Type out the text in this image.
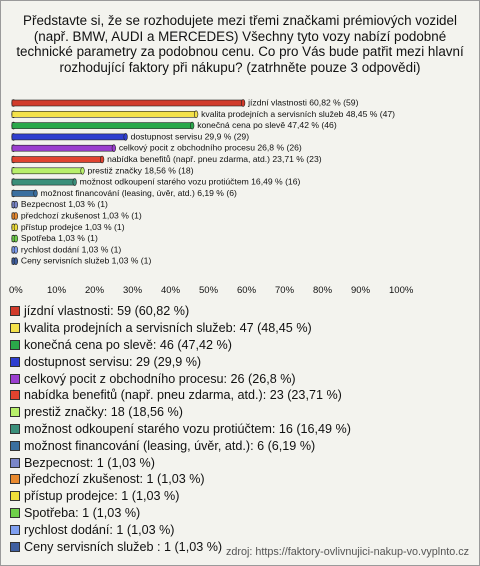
Představte si, že se rozhodujete mezi třemi značkami prémiových vozidel (např. BMW, AUDI a MERCEDES) Všechny tyto vozy nabízí podobné technické parametry za podobnou cenu. Co pro Vás bude patřit mezi hlavní rozhodující faktory při nákupu? (zatrhněte pouze 3 odpovědi)
jízdní vlastnosti 60,82 % (59)
kvalita prodejních a servisních služeb 48,45 % (47)
konečná cena po slevě 47,42 % (46)
dostupnost servisu 29,9 % (29)
celkový pocit z obchodního procesu 26,8 % (26)
nabídka benefitů (např. pneu zdarma, atd.) 23,71 % (23)
prestiž značky 18,56 % (18)
možnost odkoupení starého vozu protiúčtem 16,49 % (16)
možnost financování (leasing, úvěr, atd.) 6,19 % (6)
Bezpecnost 1,03 % (1)
předchozí zkušenost 1,03 % (1)
přístup prodejce 1,03 % (1)
Spotřeba 1,03 % (1)
rychlost dodání 1,03 % (1)
Ceny servisních služeb 1,03 % (1)
0%	10% 20% 30% 40% 50% 60% 70% 80% 90% 100%
jízdní vlastnosti: 59 (60,82 %)
kvalita prodejních a servisních služeb: 47 (48,45 %)
konečná cena po slevě: 46 (47,42 %)
dostupnost servisu: 29 (29,9 %)
celkový pocit z obchodního procesu: 26 (26,8 %)
nabídka benefitů (např. pneu zdarma, atd.): 23 (23,71 %)
prestiž značky: 18 (18,56 %)
možnost odkoupení starého vozu protiúčtem: 16 (16,49 %)
možnost financování (leasing, úvěr, atd.): 6 (6,19 %)
Bezpecnost: 1 (1,03 %)
předchozí zkušenost: 1 (1,03 %)
přístup prodejce: 1 (1,03 %)
Spotřeba: 1 (1,03 %)
rychlost dodání: 1 (1,03 %)
Ceny servisních služeb : 1 (1,03 %) zdroj: https://faktory-ovlivnujici-nakup-vo.vyplnto.cz
